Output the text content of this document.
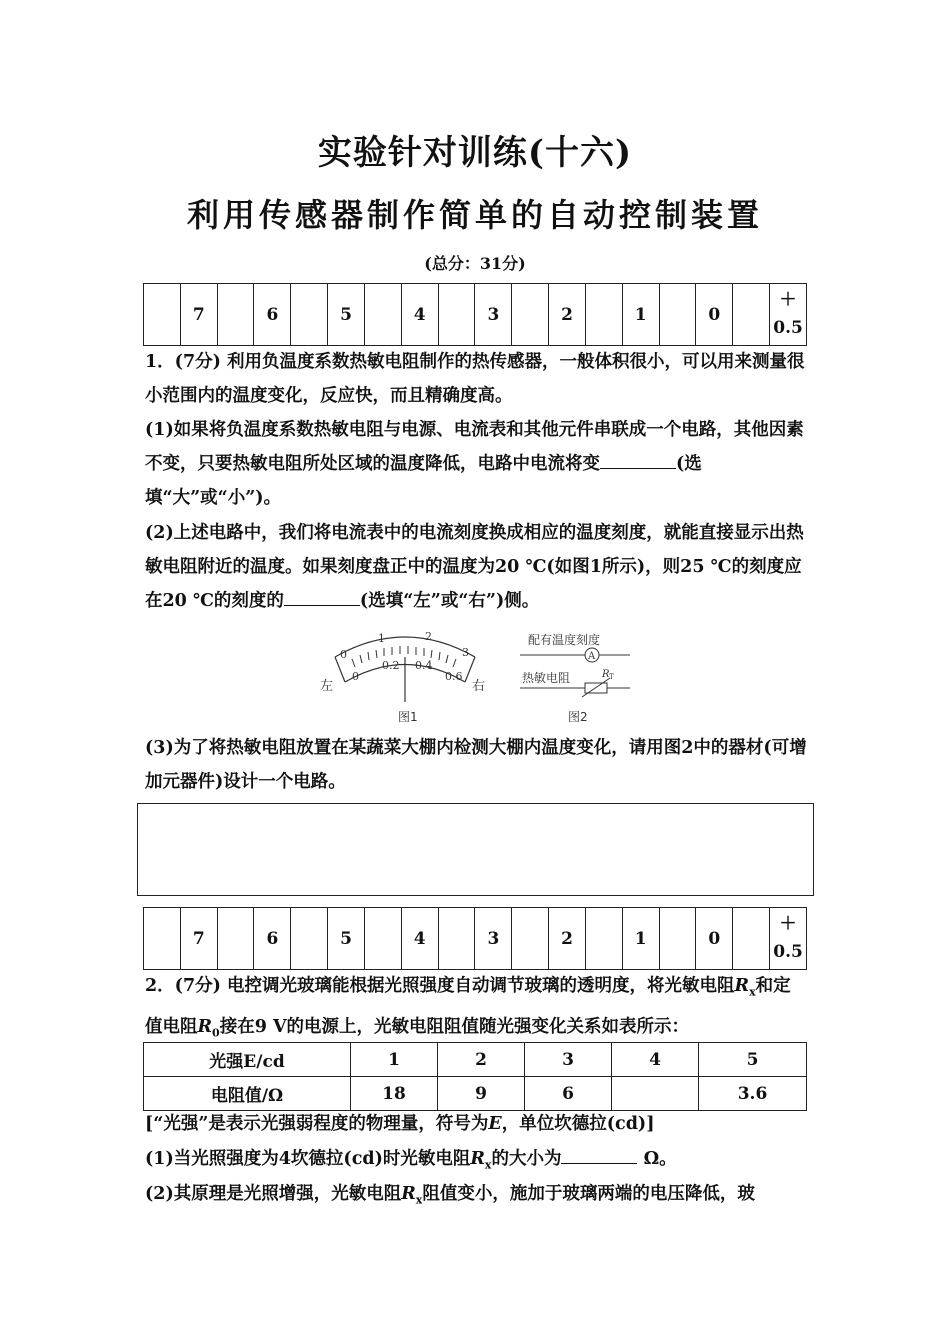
实验针对训练(十六)
利用传感器制作简单的自动控制装置
(总分：31分)
	7		6		5		4		3		2		1		0		＋
0.5
1．(7分) 利用负温度系数热敏电阻制作的热传感器，一般体积很小，可以用来测量很小范围内的温度变化，反应快，而且精确度高。
(1)如果将负温度系数热敏电阻与电源、电流表和其他元件串联成一个电路，其他因素不变，只要热敏电阻所处区域的温度降低，电路中电流将变	(选填“大”或“小”)。
(2)上述电路中，我们将电流表中的电流刻度换成相应的温度刻度，就能直接显示出热敏电阻附近的温度。如果刻度盘正中的温度为20 ℃(如图1所示)，则25 ℃的刻度应在20 ℃的刻度的	(选填“左”或“右”)侧。
0
1	2
3
0
0.2 0.4
0.6
左	右
配有温度刻度
A
热敏电阻	R T
图1	图2
(3)为了将热敏电阻放置在某蔬菜大棚内检测大棚内温度变化，请用图2中的器材(可增加元器件)设计一个电路。
	7		6		5		4		3		2		1		0		＋
0.5
2．(7分) 电控调光玻璃能根据光照强度自动调节玻璃的透明度，将光敏电阻$R_x$和定值电阻$R_0$接在9 V的电源上，光敏电阻阻值随光强变化关系如表所示：
光强E/cd	1	2	3	4	5
电阻值/Ω	18	9	6		3.6
[“光强”是表示光强弱程度的物理量，符号为E，单位坎德拉(cd)]
(1)当光照强度为4坎德拉(cd)时光敏电阻$R_x$的大小为	Ω。
(2)其原理是光照增强，光敏电阻$R_x$阻值变小，施加于玻璃两端的电压降低，玻
